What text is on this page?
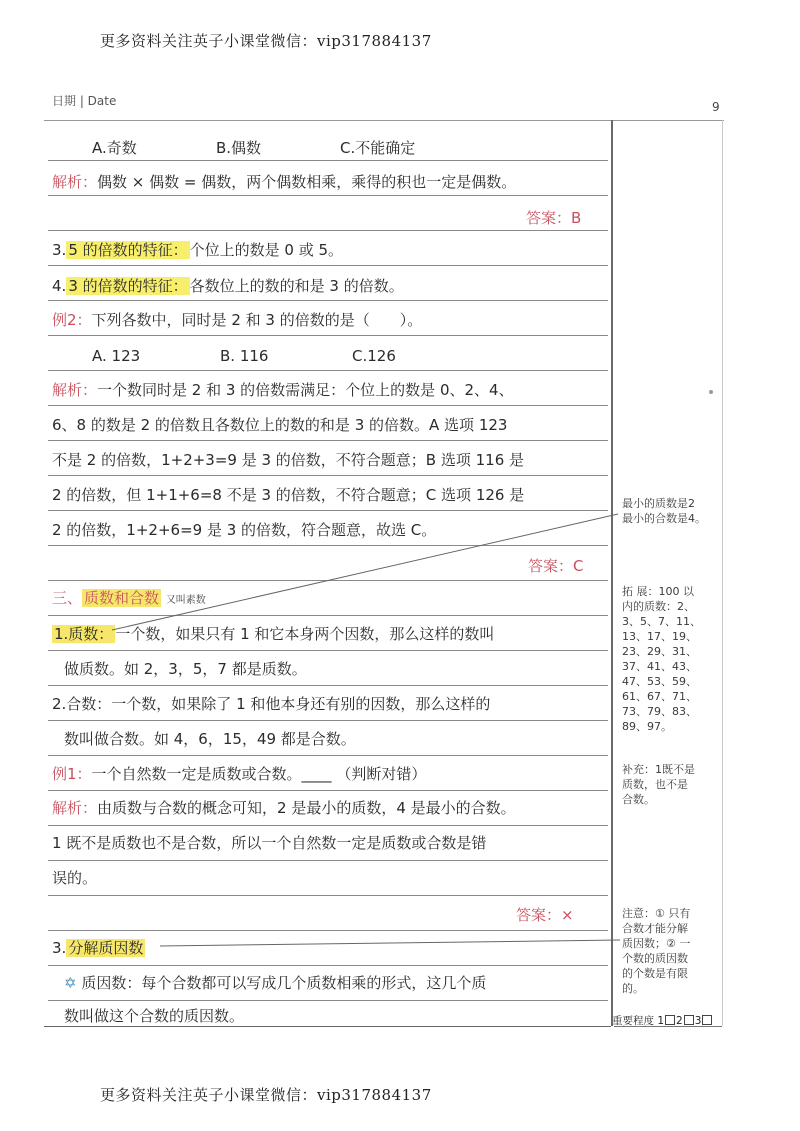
更多资料关注英子小课堂微信：vip317884137
更多资料关注英子小课堂微信：vip317884137
日期 | Date	9
A.奇数	B.偶数	C.不能确定
解析：偶数 × 偶数 = 偶数，两个偶数相乘，乘得的积也一定是偶数。
答案：B
3. 5 的倍数的特征： 个位上的数是 0 或 5。
4. 3 的倍数的特征： 各数位上的数的和是 3 的倍数。
例2：下列各数中，同时是 2 和 3 的倍数的是（　　）。
A. 123	B. 116	C.126
解析：一个数同时是 2 和 3 的倍数需满足：个位上的数是 0、2、4、
6、8 的数是 2 的倍数且各数位上的数的和是 3 的倍数。A 选项 123
不是 2 的倍数，1+2+3=9 是 3 的倍数，不符合题意；B 选项 116 是
2 的倍数，但 1+1+6=8 不是 3 的倍数，不符合题意；C 选项 126 是
2 的倍数，1+2+6=9 是 3 的倍数，符合题意，故选 C。
答案：C
三、 质数和合数 又叫素数
1.质数： 一个数，如果只有 1 和它本身两个因数，那么这样的数叫
做质数。如 2，3，5，7 都是质数。
2.合数：一个数，如果除了 1 和他本身还有别的因数，那么这样的
数叫做合数。如 4，6，15，49 都是合数。
例1：一个自然数一定是质数或合数。____ （判断对错）
解析：由质数与合数的概念可知，2 是最小的质数，4 是最小的合数。
1 既不是质数也不是合数，所以一个自然数一定是质数或合数是错
误的。
答案：×
3. 分解质因数
✡ 质因数：每个合数都可以写成几个质数相乘的形式，这几个质
数叫做这个合数的质因数。
最小的质数是2
最小的合数是4。
拓 展：100 以
内的质数：2、
3、5、7、11、
13、17、19、
23、29、31、
37、41、43、
47、53、59、
61、67、71、
73、79、83、
89、97。
补充：1既不是
质数，也不是
合数。
注意：① 只有
合数才能分解
质因数；② 一
个数的质因数
的个数是有限
的。
重要程度 1 2 3
